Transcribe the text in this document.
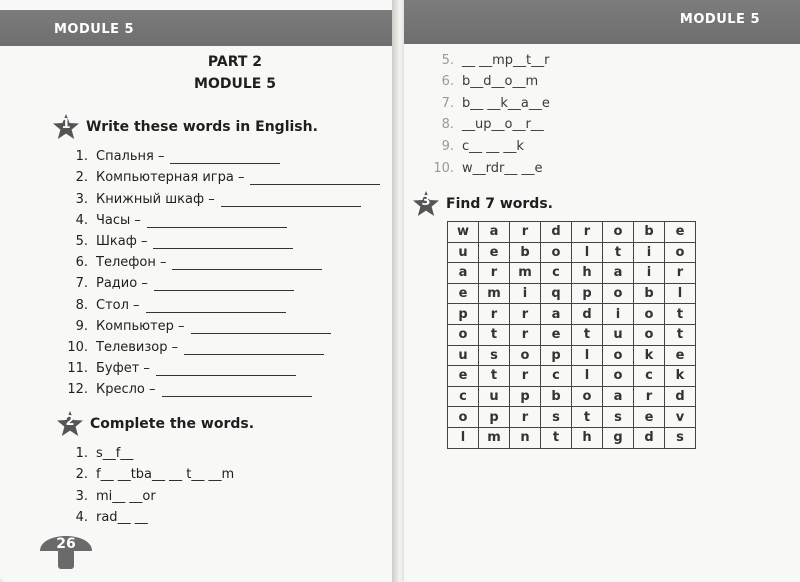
MODULE 5
PART 2
MODULE 5
1	Write these words in English.
1. Спальня –
2. Компьютерная игра –
3. Книжный шкаф –
4. Часы –
5. Шкаф –
6. Телефон –
7. Радио –
8. Стол –
9. Компьютер –
10. Телевизор –
11. Буфет –
12. Кресло –
2	Complete the words.
1. s__f__
2. f__ __tba__ __ t__ __m
3. mi__ __or
4. rad__ __
26
MODULE 5
5. __ __mp__t__r
6. b__d__o__m
7. b__ __k__a__e
8. __up__o__r__
9. c__ __ __k
10. w__rdr__ __e
3	Find 7 words.
w	a	r	d	r	o	b	e
u	e	b	o	l	t	i	o
a	r	m	c	h	a	i	r
e	m	i	q	p	o	b	l
p	r	r	a	d	i	o	t
o	t	r	e	t	u	o	t
u	s	o	p	l	o	k	e
e	t	r	c	l	o	c	k
c	u	p	b	o	a	r	d
o	p	r	s	t	s	e	v
l	m	n	t	h	g	d	s
